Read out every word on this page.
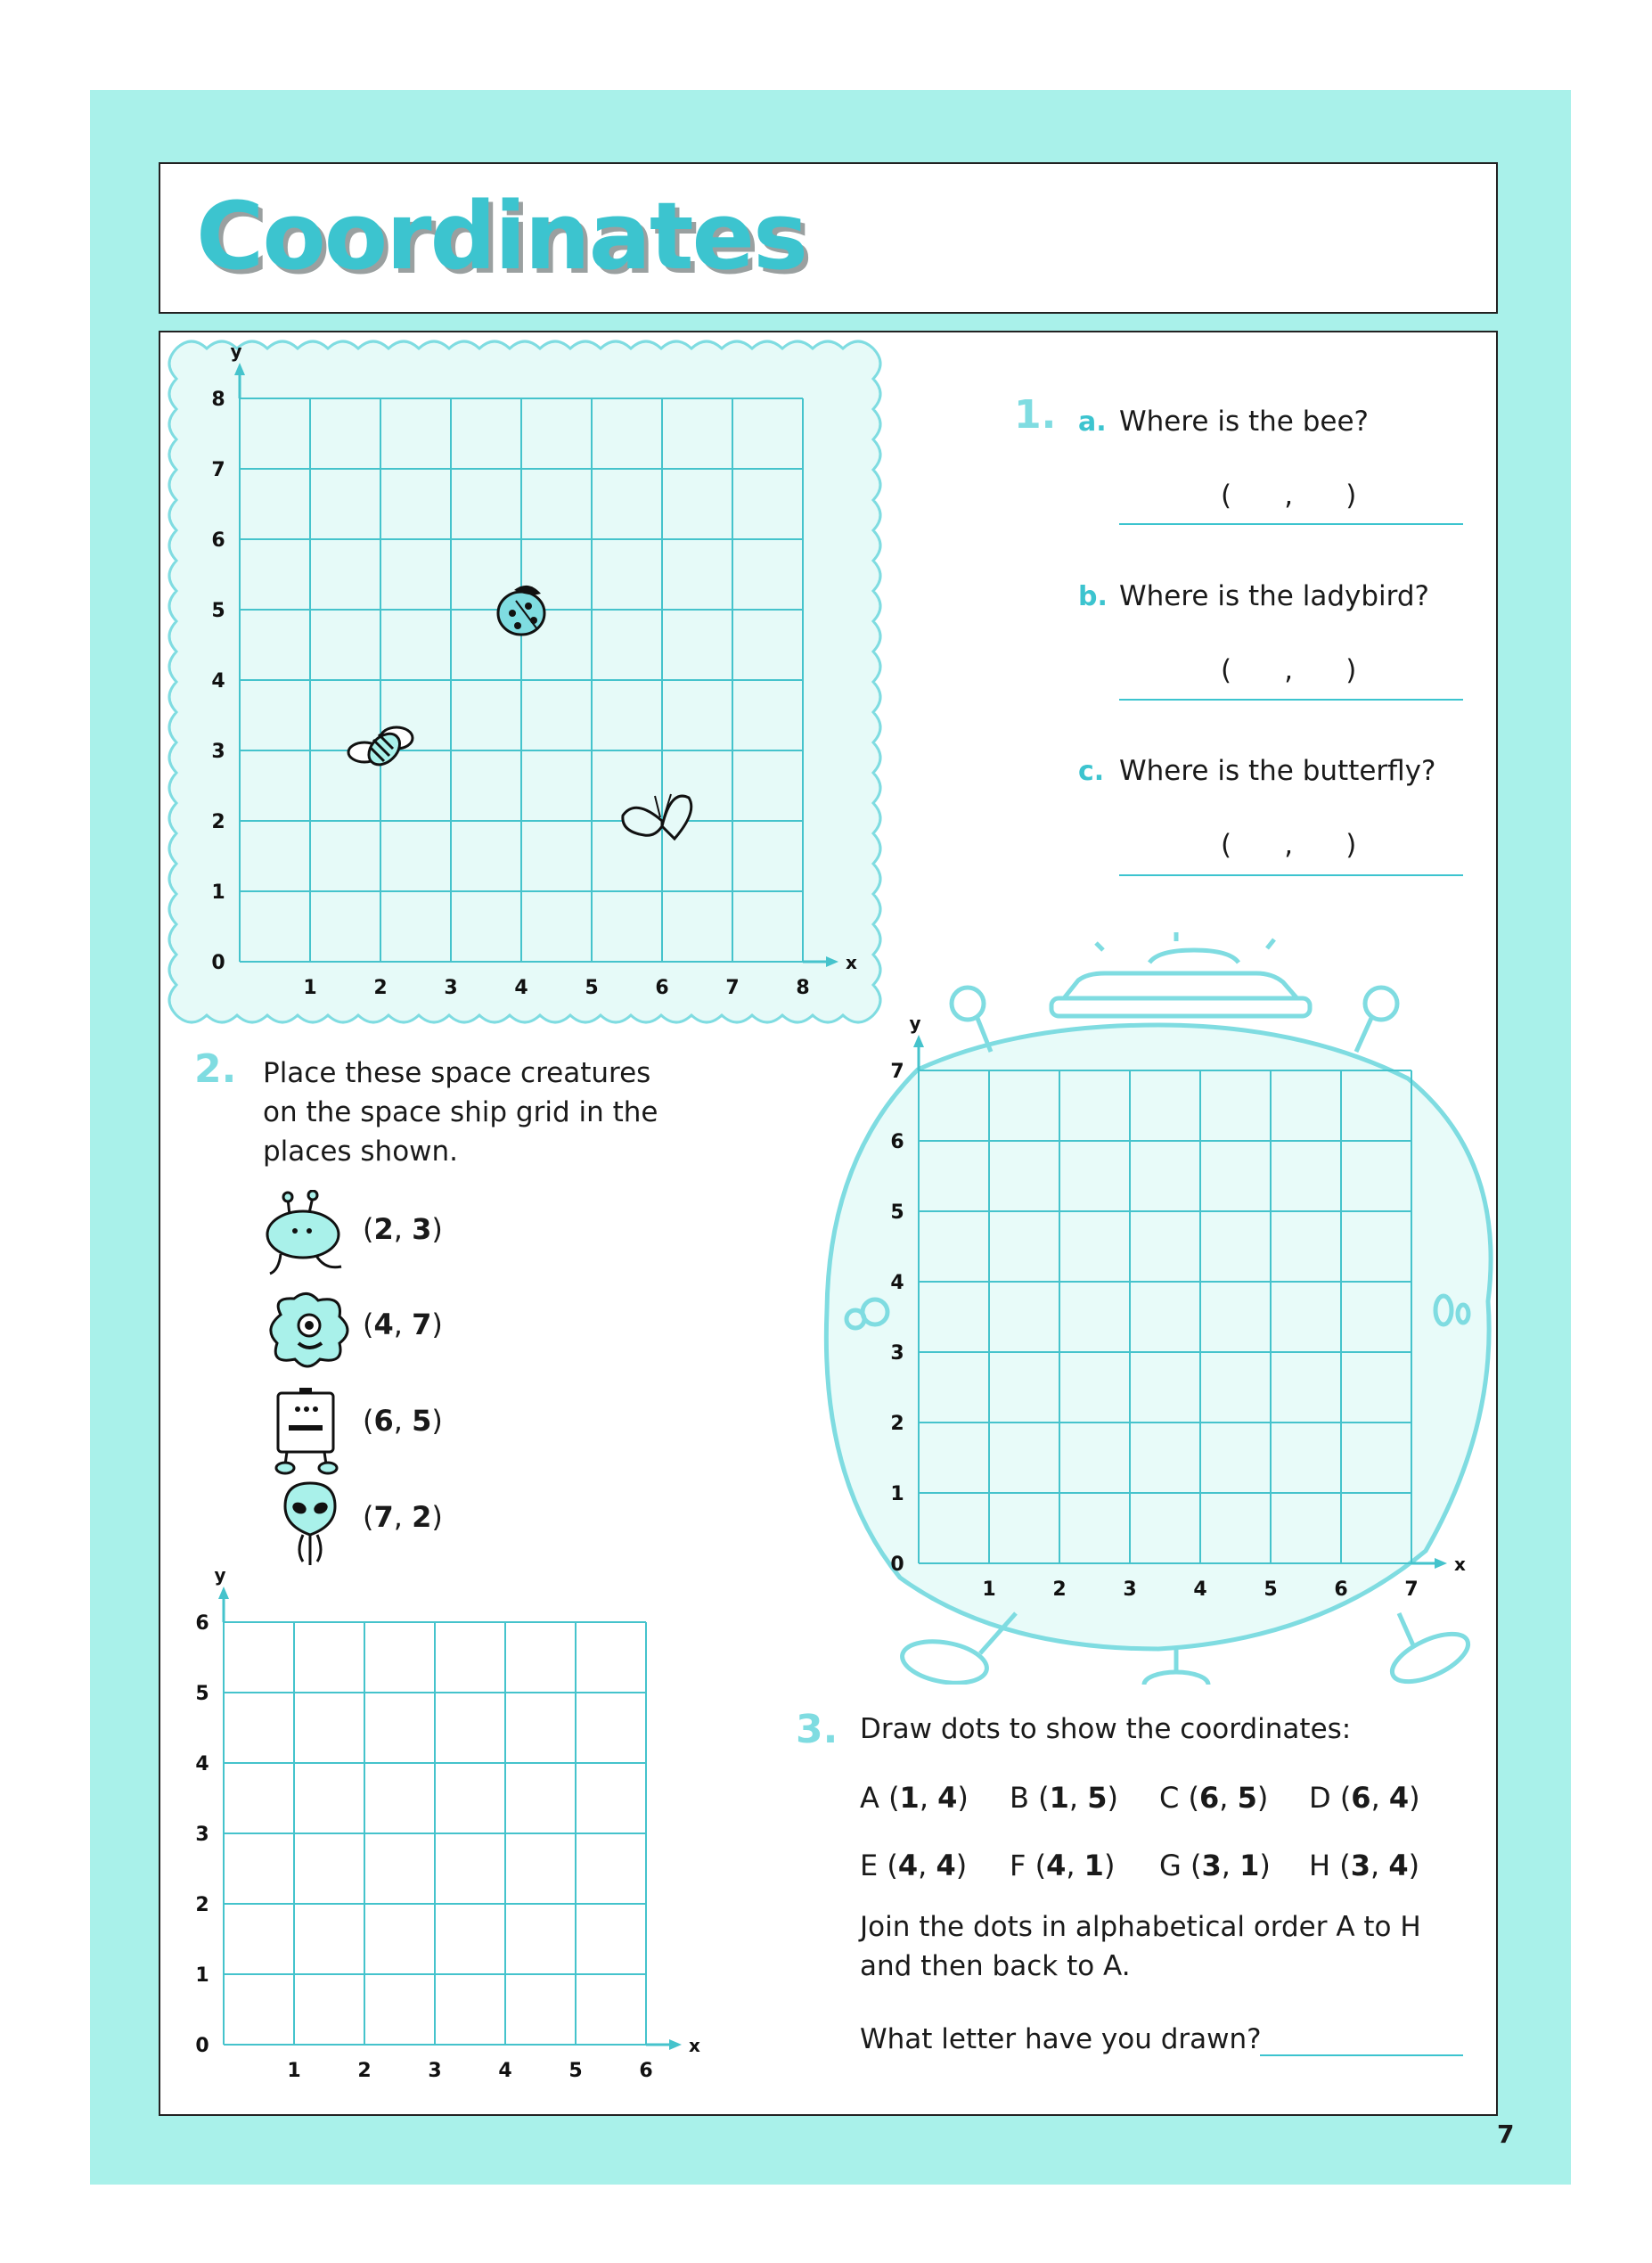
Coordinates
x
y
0
1	2	3	4	5	6	7	8
1
2
3
4
5
6
7
8	1. a. Where is the bee?
(      ,      )
b. Where is the ladybird?
(      ,      )
c. Where is the butterfly?
(      ,      )
2. Place these space creatures
on the space ship grid in the
places shown.
(2, 3)
(4, 7)
(6, 5)
(7, 2)
x
y
0
1	2	3	4	5	6	7
1
2
3
4
5
6
7
x
y
0
1	2	3	4	5	6
1
2
3
4
5
6
3. Draw dots to show the coordinates:
A (1, 4) B (1, 5) C (6, 5) D (6, 4)
E (4, 4) F (4, 1) G (3, 1) H (3, 4)
Join the dots in alphabetical order A to H
and then back to A.
What letter have you drawn?
7
